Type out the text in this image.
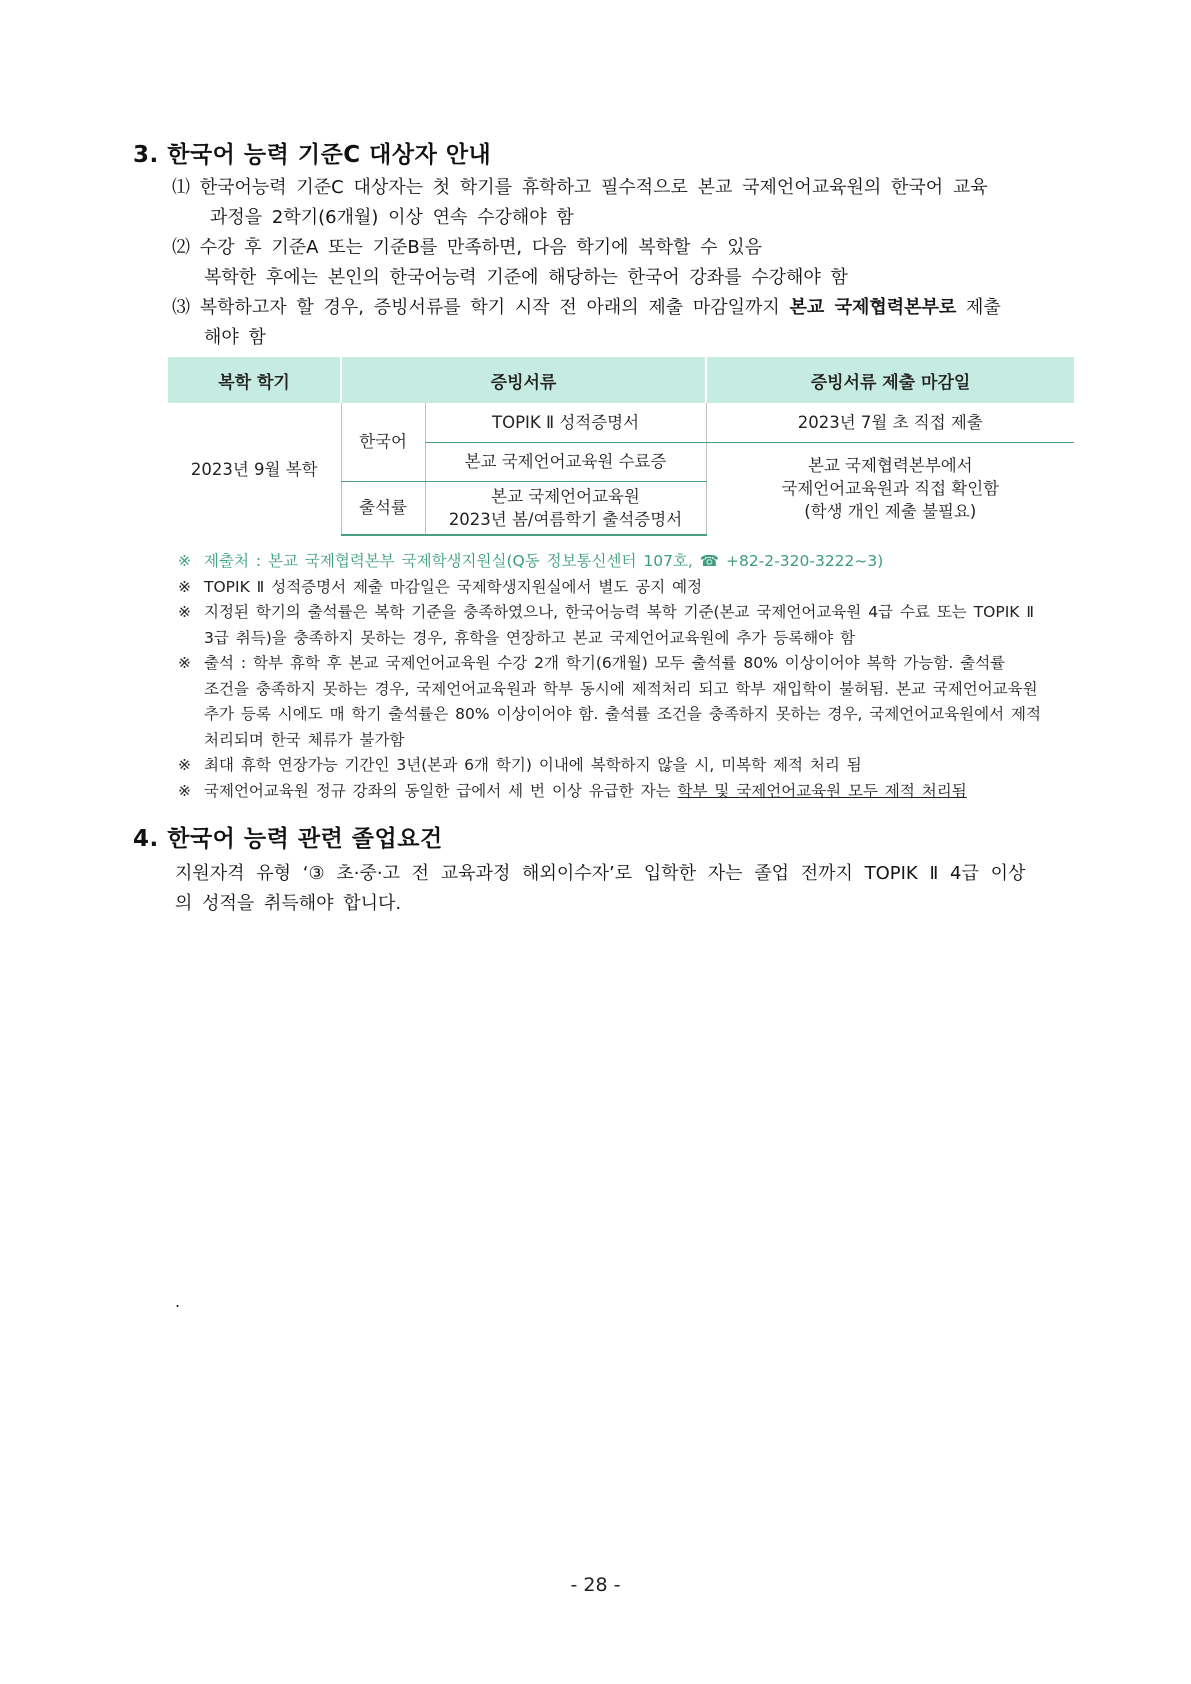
3. 한국어 능력 기준C 대상자 안내
⑴ 한국어능력 기준C 대상자는 첫 학기를 휴학하고 필수적으로 본교 국제언어교육원의 한국어 교육
과정을 2학기(6개월) 이상 연속 수강해야 함
⑵ 수강 후 기준A 또는 기준B를 만족하면, 다음 학기에 복학할 수 있음
복학한 후에는 본인의 한국어능력 기준에 해당하는 한국어 강좌를 수강해야 함
⑶ 복학하고자 할 경우, 증빙서류를 학기 시작 전 아래의 제출 마감일까지 본교 국제협력본부로 제출
해야 함
복학 학기	증빙서류		증빙서류 제출 마감일
2023년 9월 복학	한국어	TOPIK Ⅱ 성적증명서	2023년 7월 초 직접 제출
		본교 국제언어교육원 수료증	본교 국제협력본부에서
국제언어교육원과 직접 확인함
(학생 개인 제출 불필요)

	출석률	본교 국제언어교육원
2023년 봄/여름학기 출석증명서	
※ 제출처 : 본교 국제협력본부 국제학생지원실(Q동 정보통신센터 107호, ☎ +82-2-320-3222~3)
※ TOPIK Ⅱ 성적증명서 제출 마감일은 국제학생지원실에서 별도 공지 예정
※ 지정된 학기의 출석률은 복학 기준을 충족하였으나, 한국어능력 복학 기준(본교 국제언어교육원 4급 수료 또는 TOPIK Ⅱ
3급 취득)을 충족하지 못하는 경우, 휴학을 연장하고 본교 국제언어교육원에 추가 등록해야 함
※ 출석 : 학부 휴학 후 본교 국제언어교육원 수강 2개 학기(6개월) 모두 출석률 80% 이상이어야 복학 가능함. 출석률
조건을 충족하지 못하는 경우, 국제언어교육원과 학부 동시에 제적처리 되고 학부 재입학이 불허됨. 본교 국제언어교육원
추가 등록 시에도 매 학기 출석률은 80% 이상이어야 함. 출석률 조건을 충족하지 못하는 경우, 국제언어교육원에서 제적
처리되며 한국 체류가 불가함
※ 최대 휴학 연장가능 기간인 3년(본과 6개 학기) 이내에 복학하지 않을 시, 미복학 제적 처리 됨
※ 국제언어교육원 정규 강좌의 동일한 급에서 세 번 이상 유급한 자는 학부 및 국제언어교육원 모두 제적 처리됨
4. 한국어 능력 관련 졸업요건
지원자격 유형 ‘③ 초·중·고 전 교육과정 해외이수자’로 입학한 자는 졸업 전까지 TOPIK Ⅱ 4급 이상
의 성적을 취득해야 합니다.
.
- 28 -
